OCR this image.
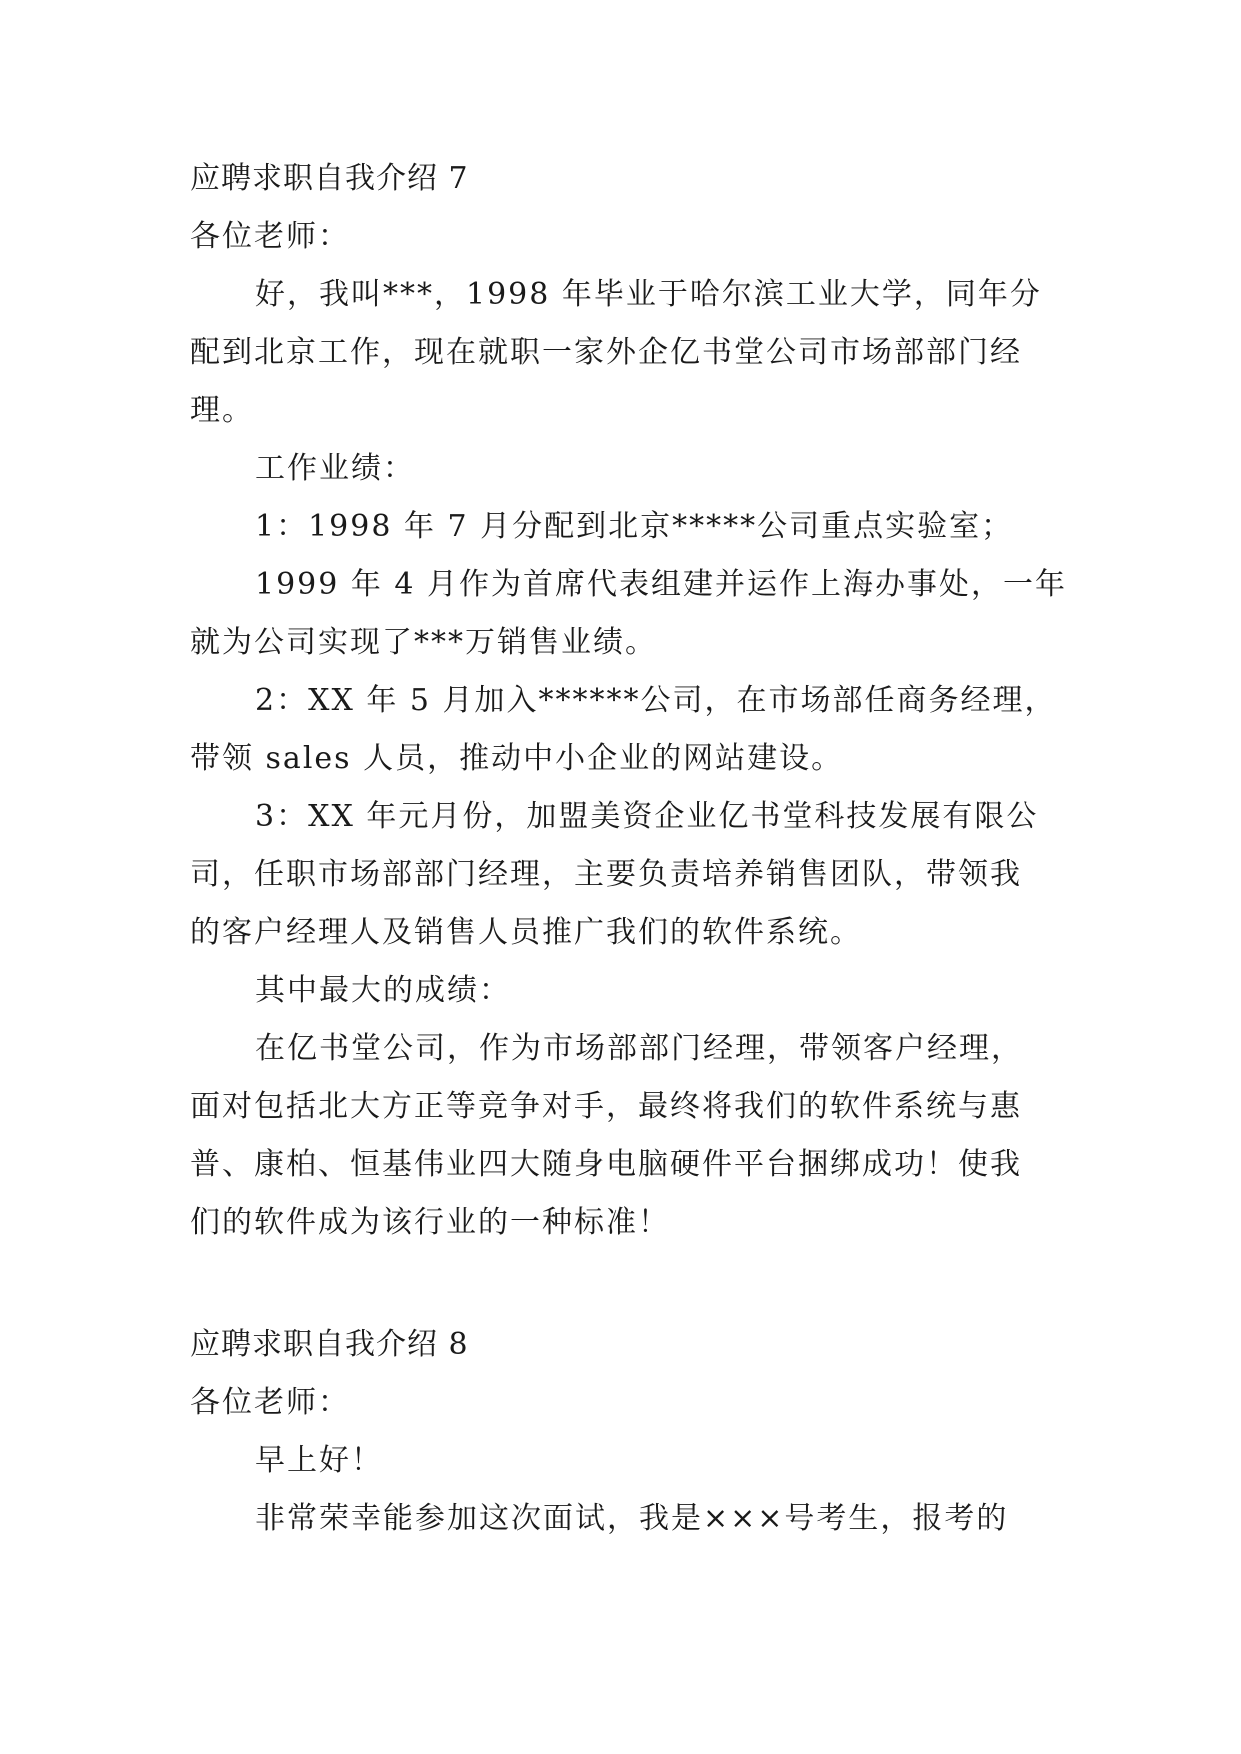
应聘求职自我介绍 7
各位老师：
好，我叫***，1998 年毕业于哈尔滨工业大学，同年分
配到北京工作，现在就职一家外企亿书堂公司市场部部门经
理。
工作业绩：
1：1998 年 7 月分配到北京*****公司重点实验室；
1999 年 4 月作为首席代表组建并运作上海办事处，一年
就为公司实现了***万销售业绩。
2：XX 年 5 月加入******公司，在市场部任商务经理，
带领 sales 人员，推动中小企业的网站建设。
3：XX 年元月份，加盟美资企业亿书堂科技发展有限公
司，任职市场部部门经理，主要负责培养销售团队，带领我
的客户经理人及销售人员推广我们的软件系统。
其中最大的成绩：
在亿书堂公司，作为市场部部门经理，带领客户经理，
面对包括北大方正等竞争对手，最终将我们的软件系统与惠
普、康柏、恒基伟业四大随身电脑硬件平台捆绑成功！使我
们的软件成为该行业的一种标准！
应聘求职自我介绍 8
各位老师：
早上好！
非常荣幸能参加这次面试，我是×××号考生，报考的
